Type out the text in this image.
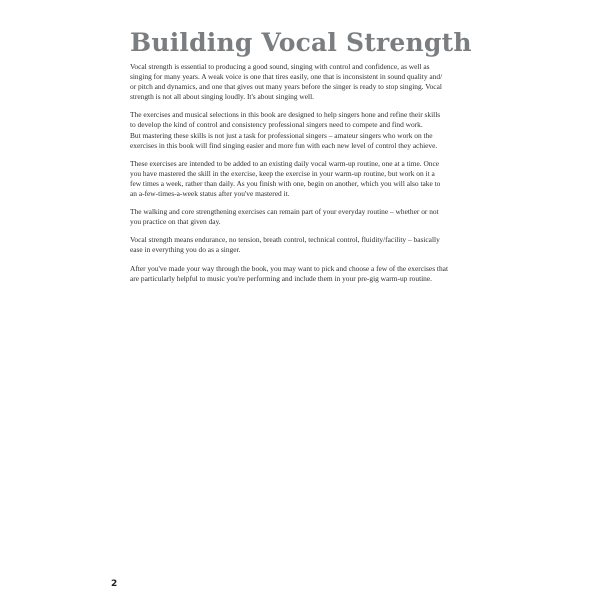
Building Vocal Strength

Vocal strength is essential to producing a good sound, singing with control and confidence, as well as
singing for many years. A weak voice is one that tires easily, one that is inconsistent in sound quality and/
or pitch and dynamics, and one that gives out many years before the singer is ready to stop singing. Vocal
strength is not all about singing loudly. It's about singing well.

The exercises and musical selections in this book are designed to help singers hone and refine their skills
to develop the kind of control and consistency professional singers need to compete and find work.
But mastering these skills is not just a task for professional singers – amateur singers who work on the
exercises in this book will find singing easier and more fun with each new level of control they achieve.

These exercises are intended to be added to an existing daily vocal warm-up routine, one at a time. Once
you have mastered the skill in the exercise, keep the exercise in your warm-up routine, but work on it a
few times a week, rather than daily. As you finish with one, begin on another, which you will also take to
an a-few-times-a-week status after you've mastered it.

The walking and core strengthening exercises can remain part of your everyday routine – whether or not
you practice on that given day.

Vocal strength means endurance, no tension, breath control, technical control, fluidity/facility – basically
ease in everything you do as a singer.

After you've made your way through the book, you may want to pick and choose a few of the exercises that
are particularly helpful to music you're performing and include them in your pre-gig warm-up routine.

2
